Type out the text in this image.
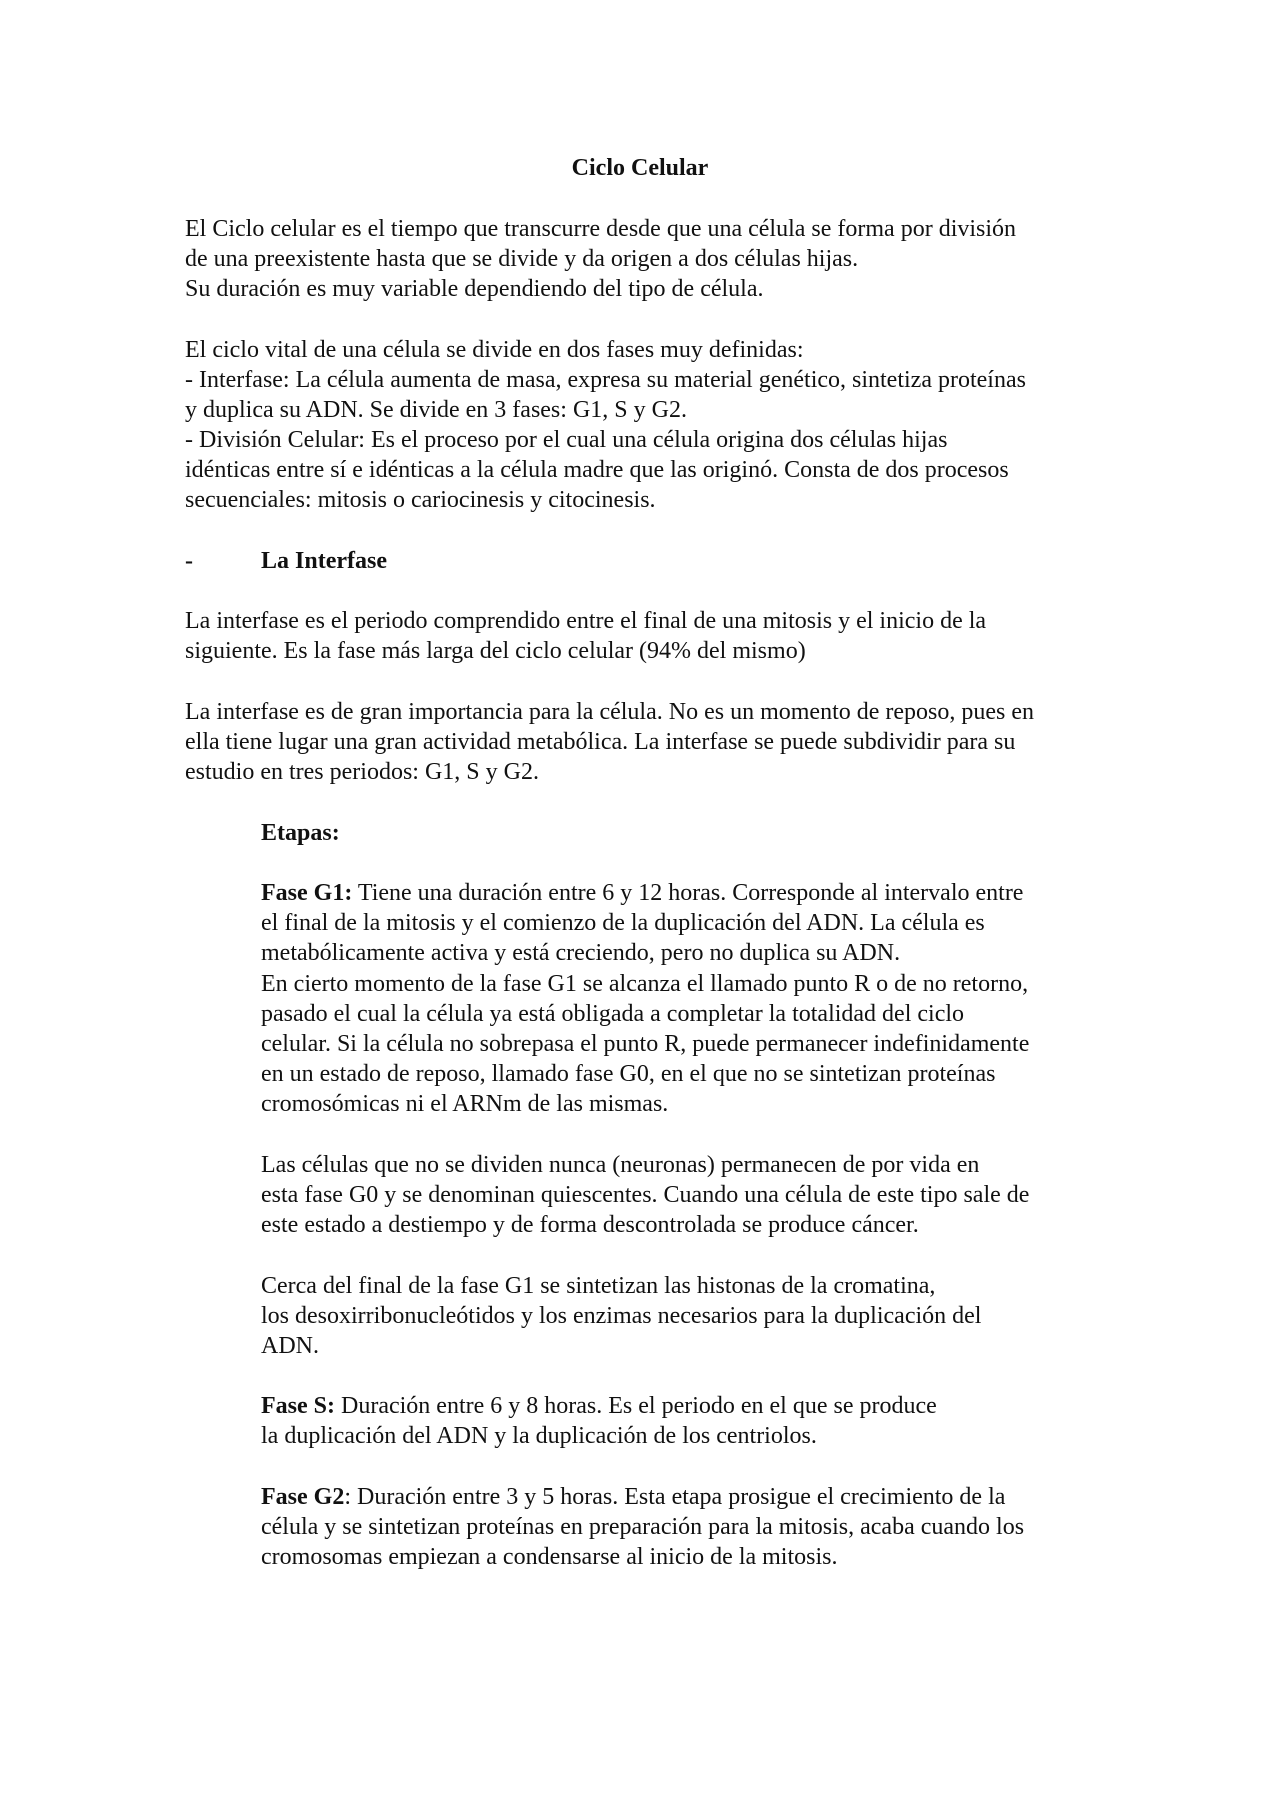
Ciclo Celular
El Ciclo celular es el tiempo que transcurre desde que una célula se forma por división
de una preexistente hasta que se divide y da origen a dos células hijas.
Su duración es muy variable dependiendo del tipo de célula.
El ciclo vital de una célula se divide en dos fases muy definidas:
- Interfase: La célula aumenta de masa, expresa su material genético, sintetiza proteínas
y duplica su ADN. Se divide en 3 fases: G1, S y G2.
- División Celular: Es el proceso por el cual una célula origina dos células hijas
idénticas entre sí e idénticas a la célula madre que las originó. Consta de dos procesos
secuenciales: mitosis o cariocinesis y citocinesis.
-	La Interfase
La interfase es el periodo comprendido entre el final de una mitosis y el inicio de la
siguiente. Es la fase más larga del ciclo celular (94% del mismo)
La interfase es de gran importancia para la célula. No es un momento de reposo, pues en
ella tiene lugar una gran actividad metabólica. La interfase se puede subdividir para su
estudio en tres periodos: G1, S y G2.
Etapas:
Fase G1: Tiene una duración entre 6 y 12 horas. Corresponde al intervalo entre
el final de la mitosis y el comienzo de la duplicación del ADN. La célula es
metabólicamente activa y está creciendo, pero no duplica su ADN.
En cierto momento de la fase G1 se alcanza el llamado punto R o de no retorno,
pasado el cual la célula ya está obligada a completar la totalidad del ciclo
celular. Si la célula no sobrepasa el punto R, puede permanecer indefinidamente
en un estado de reposo, llamado fase G0, en el que no se sintetizan proteínas
cromosómicas ni el ARNm de las mismas.
Las células que no se dividen nunca (neuronas) permanecen de por vida en
esta fase G0 y se denominan quiescentes. Cuando una célula de este tipo sale de
este estado a destiempo y de forma descontrolada se produce cáncer.
Cerca del final de la fase G1 se sintetizan las histonas de la cromatina,
los desoxirribonucleótidos y los enzimas necesarios para la duplicación del
ADN.
Fase S: Duración entre 6 y 8 horas. Es el periodo en el que se produce
la duplicación del ADN y la duplicación de los centriolos.
Fase G2: Duración entre 3 y 5 horas. Esta etapa prosigue el crecimiento de la
célula y se sintetizan proteínas en preparación para la mitosis, acaba cuando los
cromosomas empiezan a condensarse al inicio de la mitosis.
